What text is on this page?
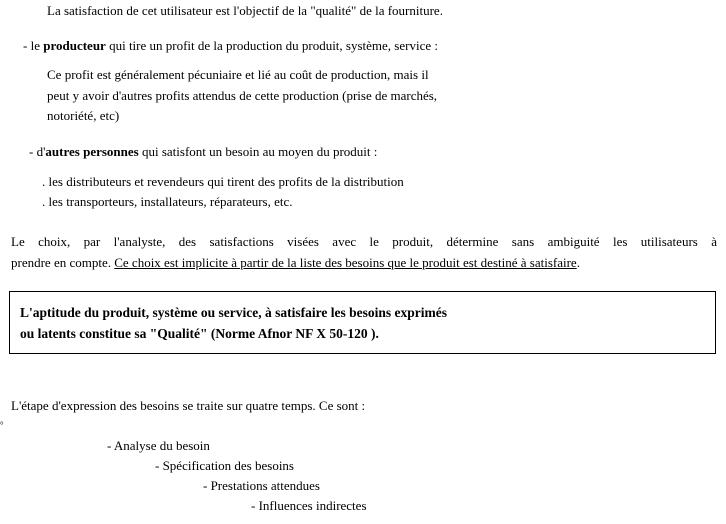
La satisfaction de cet utilisateur est l'objectif de la "qualité" de la fourniture.
- le producteur qui tire un profit de la production du produit, système, service :
Ce profit est généralement pécuniaire et lié au coût de production, mais il
peut y avoir d'autres profits attendus de cette production (prise de marchés,
notoriété, etc)
- d'autres personnes qui satisfont un besoin au moyen du produit :
. les distributeurs et revendeurs qui tirent des profits de la distribution
. les transporteurs, installateurs, réparateurs, etc.
Le choix, par l'analyste, des satisfactions visées avec le produit, détermine sans ambiguité les utilisateurs à
prendre en compte. Ce choix est implicite à partir de la liste des besoins que le produit est destiné à satisfaire.
L'aptitude du produit, système ou service, à satisfaire les besoins exprimés
ou latents constitue sa "Qualité" (Norme Afnor NF X 50-120 ).
L'étape d'expression des besoins se traite sur quatre temps. Ce sont :
°
- Analyse du besoin
- Spécification des besoins
- Prestations attendues
- Influences indirectes
